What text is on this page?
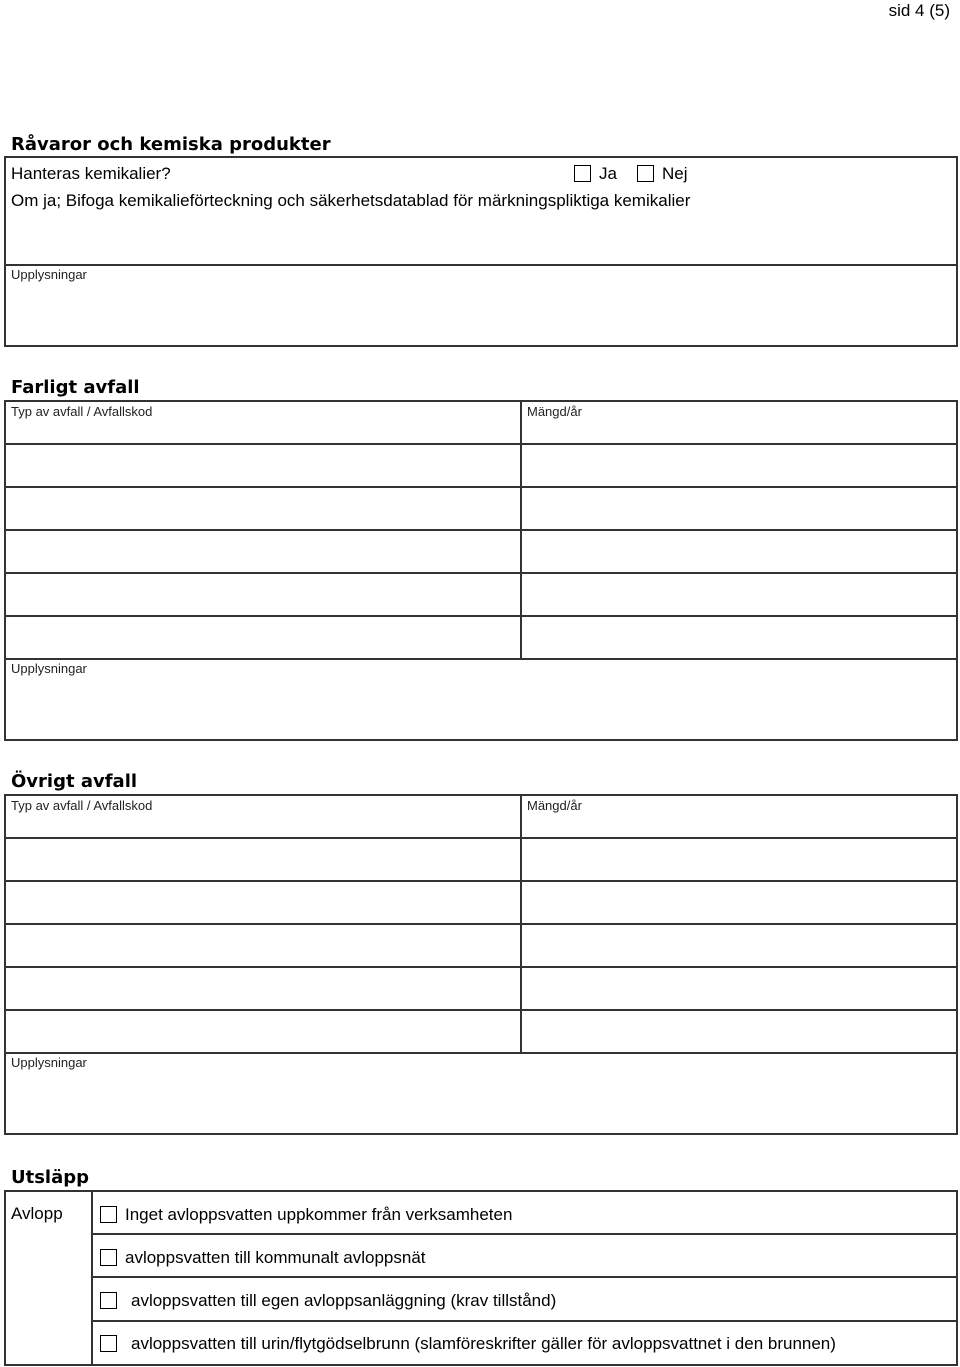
sid 4 (5)
Råvaror och kemiska produkter
Hanteras kemikalier?	Ja	Nej
Om ja; Bifoga kemikalieförteckning och säkerhetsdatablad för märkningspliktiga kemikalier
Upplysningar
Farligt avfall
Typ av avfall / Avfallskod	Mängd/år
Upplysningar
Övrigt avfall
Typ av avfall / Avfallskod	Mängd/år
Upplysningar
Utsläpp
Avlopp	Inget avloppsvatten uppkommer från verksamheten
avloppsvatten till kommunalt avloppsnät
avloppsvatten till egen avloppsanläggning (krav tillstånd)
avloppsvatten till urin/flytgödselbrunn (slamföreskrifter gäller för avloppsvattnet i den brunnen)
